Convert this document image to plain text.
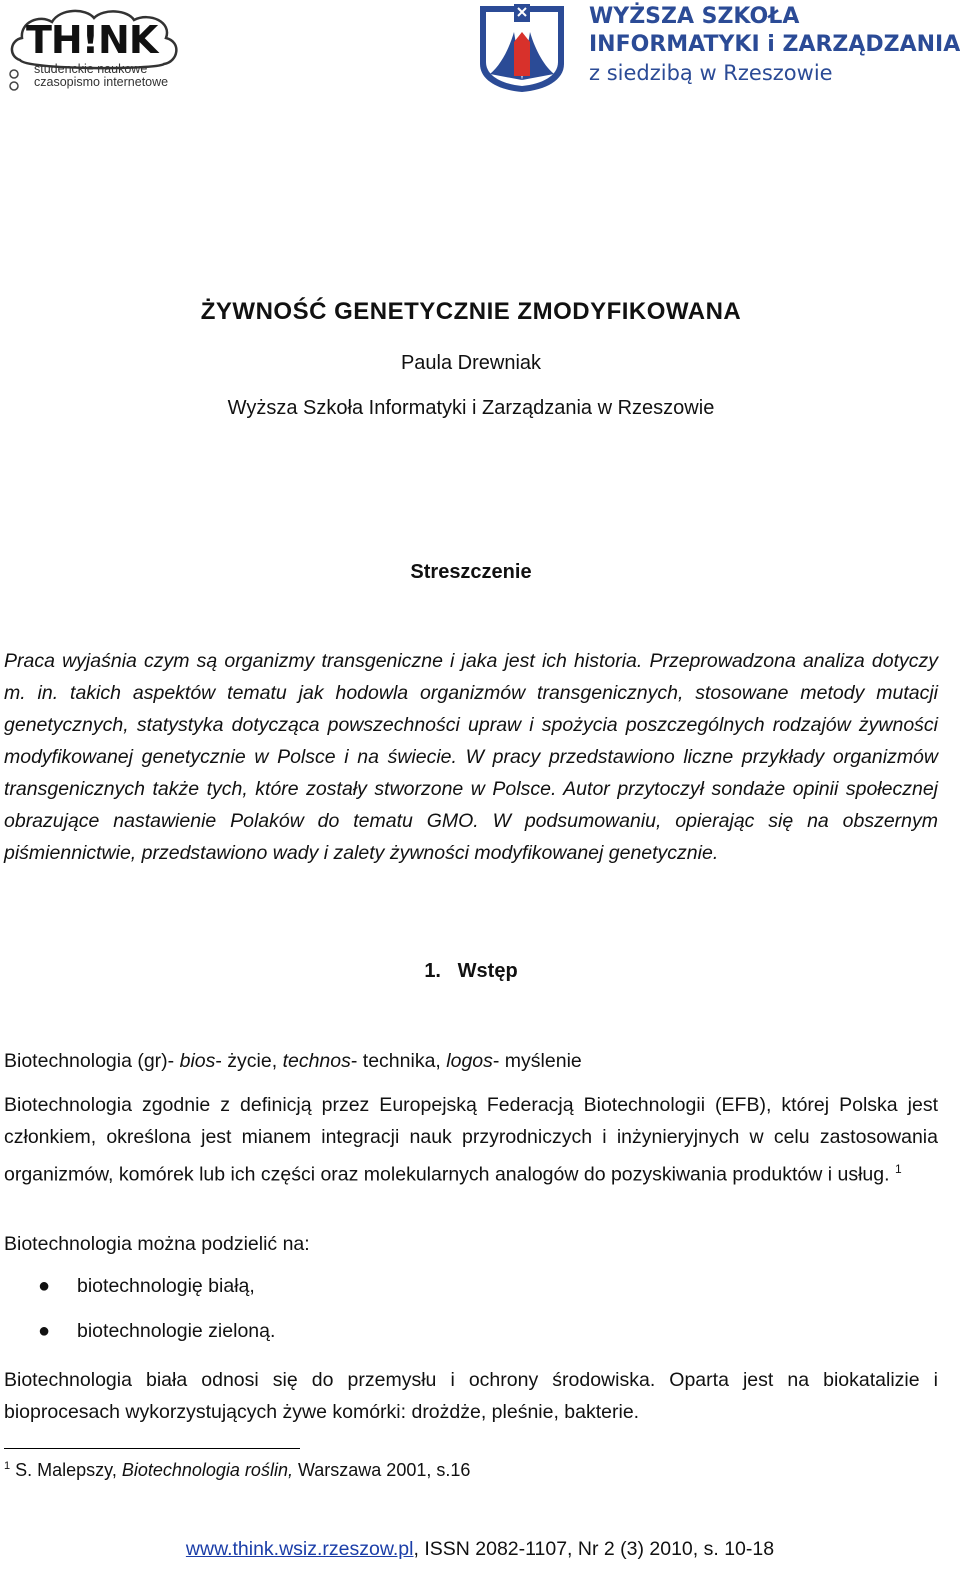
TH!NK
studenckie naukowe
czasopismo internetowe
WYŻSZA SZKOŁA
INFORMATYKI i ZARZĄDZANIA
z siedzibą w Rzeszowie
ŻYWNOŚĆ GENETYCZNIE ZMODYFIKOWANA
Paula Drewniak
Wyższa Szkoła Informatyki i Zarządzania w Rzeszowie
Streszczenie
Praca wyjaśnia czym są organizmy transgeniczne i jaka jest ich historia. Przeprowadzona analiza dotyczy m. in. takich aspektów tematu jak hodowla organizmów transgenicznych, stosowane metody mutacji genetycznych, statystyka dotycząca powszechności upraw i spożycia poszczególnych rodzajów żywności modyfikowanej genetycznie w Polsce i na świecie. W pracy przedstawiono liczne przykłady organizmów transgenicznych także tych, które zostały stworzone w Polsce. Autor przytoczył sondaże opinii społecznej obrazujące nastawienie Polaków do tematu GMO. W podsumowaniu, opierając się na obszernym piśmiennictwie, przedstawiono wady i zalety żywności modyfikowanej genetycznie.
1. Wstęp
Biotechnologia (gr)- bios- życie, technos- technika, logos- myślenie
Biotechnologia zgodnie z definicją przez Europejską Federacją Biotechnologii (EFB), której Polska jest członkiem, określona jest mianem integracji nauk przyrodniczych i inżynieryjnych w celu zastosowania organizmów, komórek lub ich części oraz molekularnych analogów do pozyskiwania produktów i usług. $^1$
Biotechnologia można podzielić na:
● biotechnologię białą,
● biotechnologie zieloną.
Biotechnologia biała odnosi się do przemysłu i ochrony środowiska. Oparta jest na biokatalizie i bioprocesach wykorzystujących żywe komórki: drożdże, pleśnie, bakterie.
$^1$ S. Malepszy, Biotechnologia roślin, Warszawa 2001, s.16
www.think.wsiz.rzeszow.pl, ISSN 2082-1107, Nr 2 (3) 2010, s. 10-18
